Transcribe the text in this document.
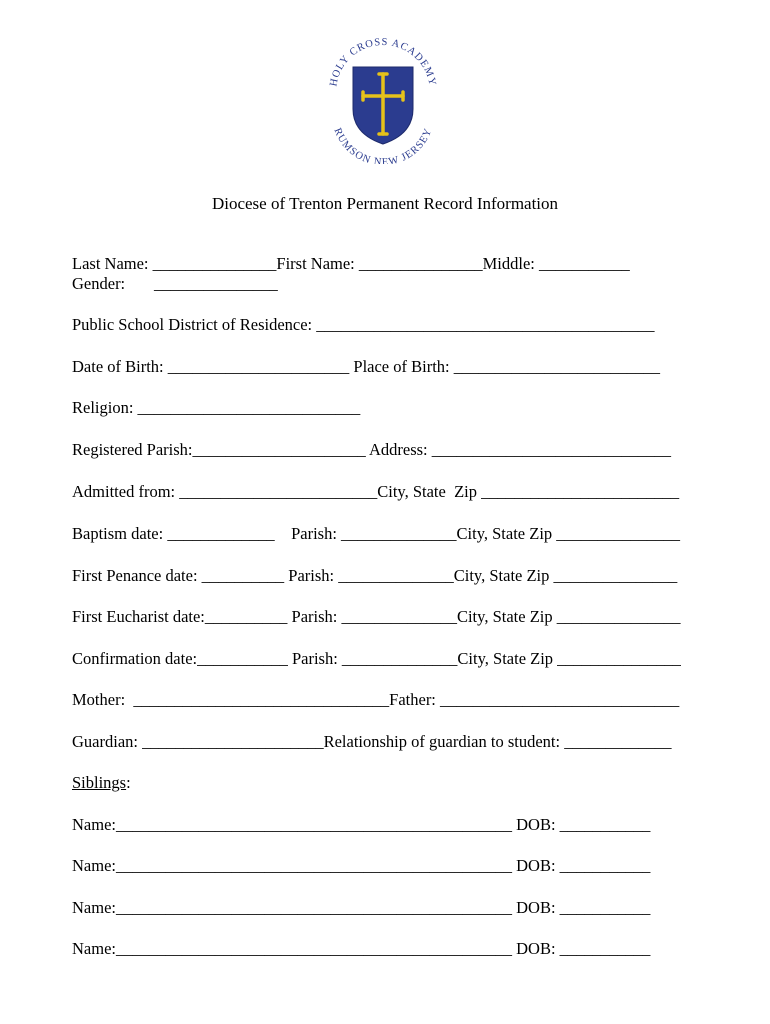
HOLY CROSS ACADEMY
RUMSON NEW JERSEY
Diocese of Trenton Permanent Record Information
Last Name: _______________First Name: _______________Middle: ___________
Gender:       _______________
Public School District of Residence: _________________________________________
Date of Birth: ______________________ Place of Birth: _________________________
Religion: ___________________________
Registered Parish:_____________________ Address: _____________________________
Admitted from: ________________________City, State  Zip ________________________
Baptism date: _____________    Parish: ______________City, State Zip _______________
First Penance date: __________ Parish: ______________City, State Zip _______________
First Eucharist date:__________ Parish: ______________City, State Zip _______________
Confirmation date:___________ Parish: ______________City, State Zip _______________
Mother:  _______________________________Father: _____________________________
Guardian: ______________________Relationship of guardian to student: _____________
Siblings:
Name:________________________________________________ DOB: ___________
Name:________________________________________________ DOB: ___________
Name:________________________________________________ DOB: ___________
Name:________________________________________________ DOB: ___________
